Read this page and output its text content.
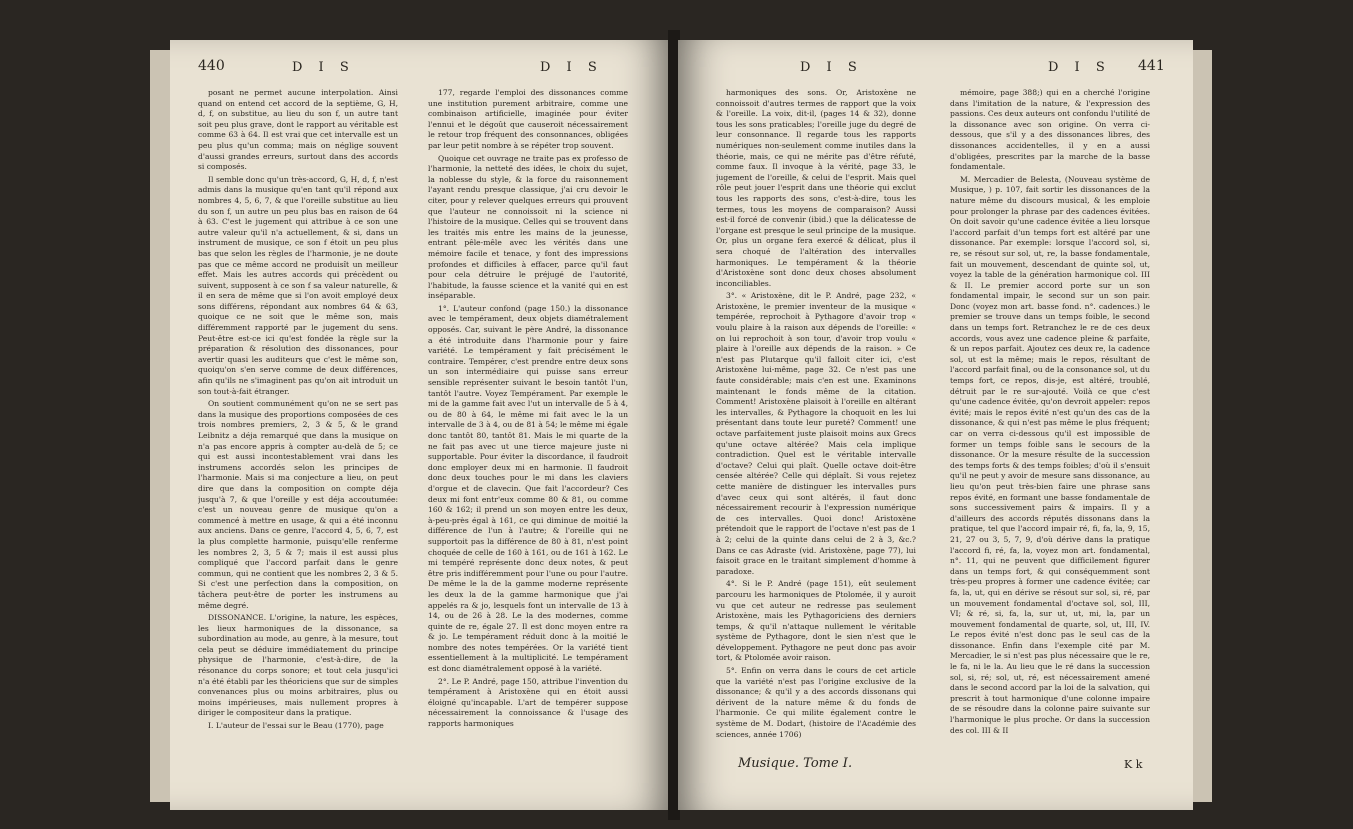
440	D I S	D I S

posant ne permet aucune interpolation. Ainsi quand on entend cet accord de la septième, G, H, d, f, on substitue, au lieu du son f, un autre tant soit peu plus grave, dont le rapport au véritable est comme 63 à 64. Il est vrai que cet intervalle est un peu plus qu'un comma; mais on néglige souvent d'aussi grandes erreurs, surtout dans des accords si composés.

Il semble donc qu'un très-accord, G, H, d, f, n'est admis dans la musique qu'en tant qu'il répond aux nombres 4, 5, 6, 7, & que l'oreille substitue au lieu du son f, un autre un peu plus bas en raison de 64 à 63. C'est le jugement qui attribue à ce son une autre valeur qu'il n'a actuellement, & si, dans un instrument de musique, ce son f étoit un peu plus bas que selon les règles de l'harmonie, je ne doute pas que ce même accord ne produisît un meilleur effet. Mais les autres accords qui précèdent ou suivent, supposent à ce son f sa valeur naturelle, & il en sera de même que si l'on avoit employé deux sons différens, répondant aux nombres 64 & 63, quoique ce ne soit que le même son, mais différemment rapporté par le jugement du sens. Peut-être est-ce ici qu'est fondée la règle sur la préparation & résolution des dissonances, pour avertir quasi les auditeurs que c'est le même son, quoiqu'on s'en serve comme de deux différences, afin qu'ils ne s'imaginent pas qu'on ait introduit un son tout-à-fait étranger.

On soutient communément qu'on ne se sert pas dans la musique des proportions composées de ces trois nombres premiers, 2, 3 & 5, & le grand Leibnitz a déja remarqué que dans la musique on n'a pas encore appris à compter au-delà de 5; ce qui est aussi incontestablement vrai dans les instrumens accordés selon les principes de l'harmonie. Mais si ma conjecture a lieu, on peut dire que dans la composition on compte déja jusqu'à 7, & que l'oreille y est déja accoutumée: c'est un nouveau genre de musique qu'on a commencé à mettre en usage, & qui a été inconnu aux anciens. Dans ce genre, l'accord 4, 5, 6, 7, est la plus complette harmonie, puisqu'elle renferme les nombres 2, 3, 5 & 7; mais il est aussi plus compliqué que l'accord parfait dans le genre commun, qui ne contient que les nombres 2, 3 & 5. Si c'est une perfection dans la composition, on tâchera peut-être de porter les instrumens au même degré.

DISSONANCE. L'origine, la nature, les espèces, les lieux harmoniques de la dissonance, sa subordination au mode, au genre, à la mesure, tout cela peut se déduire immédiatement du principe physique de l'harmonie, c'est-à-dire, de la résonance du corps sonore; et tout cela jusqu'ici n'a été établi par les théoriciens que sur de simples convenances plus ou moins arbitraires, plus ou moins impérieuses, mais nullement propres à diriger le compositeur dans la pratique.

I. L'auteur de l'essai sur le Beau (1770), page

177, regarde l'emploi des dissonances comme une institution purement arbitraire, comme une combinaison artificielle, imaginée pour éviter l'ennui et le dégoût que causeroit nécessairement le retour trop fréquent des consonnances, obligées par leur petit nombre à se répéter trop souvent.

Quoique cet ouvrage ne traite pas ex professo de l'harmonie, la netteté des idées, le choix du sujet, la noblesse du style, & la force du raisonnement l'ayant rendu presque classique, j'ai cru devoir le citer, pour y relever quelques erreurs qui prouvent que l'auteur ne connoissoit ni la science ni l'histoire de la musique. Celles qui se trouvent dans les traités mis entre les mains de la jeunesse, entrant pêle-mêle avec les vérités dans une mémoire facile et tenace, y font des impressions profondes et difficiles à effacer, parce qu'il faut pour cela détruire le préjugé de l'autorité, l'habitude, la fausse science et la vanité qui en est inséparable.

1°. L'auteur confond (page 150.) la dissonance avec le tempérament, deux objets diamétralement opposés. Car, suivant le père André, la dissonance a été introduite dans l'harmonie pour y faire variété. Le tempérament y fait précisément le contraire. Tempérer, c'est prendre entre deux sons un son intermédiaire qui puisse sans erreur sensible représenter suivant le besoin tantôt l'un, tantôt l'autre. Voyez Tempérament. Par exemple le mi de la gamme fait avec l'ut un intervalle de 5 à 4, ou de 80 à 64, le même mi fait avec le la un intervalle de 3 à 4, ou de 81 à 54; le même mi égale donc tantôt 80, tantôt 81. Mais le mi quarte de la ne fait pas avec ut une tierce majeure juste ni supportable. Pour éviter la discordance, il faudroit donc employer deux mi en harmonie. Il faudroit donc deux touches pour le mi dans les claviers d'orgue et de clavecin. Que fait l'accordeur? Ces deux mi font entr'eux comme 80 & 81, ou comme 160 & 162; il prend un son moyen entre les deux, à-peu-près égal à 161, ce qui diminue de moitié la différence de l'un à l'autre; & l'oreille qui ne supportoit pas la différence de 80 à 81, n'est point choquée de celle de 160 à 161, ou de 161 à 162. Le mi tempéré représente donc deux notes, & peut être pris indifféremment pour l'une ou pour l'autre. De même le la de la gamme moderne représente les deux la de la gamme harmonique que j'ai appelés ra & jo, lesquels font un intervalle de 13 à 14, ou de 26 à 28. Le la des modernes, comme quinte de re, égale 27. Il est donc moyen entre ra & jo. Le tempérament réduit donc à la moitié le nombre des notes tempérées. Or la variété tient essentiellement à la multiplicité. Le tempérament est donc diamétralement opposé à la variété.

2°. Le P. André, page 150, attribue l'invention du tempérament à Aristoxène qui en étoit aussi éloigné qu'incapable. L'art de tempérer suppose nécessairement la connoissance & l'usage des rapports harmoniques

D I S	D I S 441

harmoniques des sons. Or, Aristoxène ne connoissoit d'autres termes de rapport que la voix & l'oreille. La voix, dit-il, (pages 14 & 32), donne tous les sons praticables; l'oreille juge du degré de leur consonnance. Il regarde tous les rapports numériques non-seulement comme inutiles dans la théorie, mais, ce qui ne mérite pas d'être réfuté, comme faux. Il invoque à la vérité, page 33, le jugement de l'oreille, & celui de l'esprit. Mais quel rôle peut jouer l'esprit dans une théorie qui exclut tous les rapports des sons, c'est-à-dire, tous les termes, tous les moyens de comparaison? Aussi est-il forcé de convenir (ibid.) que la délicatesse de l'organe est presque le seul principe de la musique. Or, plus un organe fera exercé & délicat, plus il sera choqué de l'altération des intervalles harmoniques. Le tempérament & la théorie d'Aristoxène sont donc deux choses absolument inconciliables.

3°. « Aristoxène, dit le P. André, page 232, « Aristoxène, le premier inventeur de la musique « tempérée, reprochoit à Pythagore d'avoir trop « voulu plaire à la raison aux dépends de l'oreille: « on lui reprochoit à son tour, d'avoir trop voulu « plaire à l'oreille aux dépends de la raison. » Ce n'est pas Plutarque qu'il falloit citer ici, c'est Aristoxène lui-même, page 32. Ce n'est pas une faute considérable; mais c'en est une. Examinons maintenant le fonds même de la citation. Comment! Aristoxène plaisoit à l'oreille en altérant les intervalles, & Pythagore la choquoit en les lui présentant dans toute leur pureté? Comment! une octave parfaitement juste plaisoit moins aux Grecs qu'une octave altérée? Mais cela implique contradiction. Quel est le véritable intervalle d'octave? Celui qui plaît. Quelle octave doit-être censée altérée? Celle qui déplaît. Si vous rejetez cette manière de distinguer les intervalles purs d'avec ceux qui sont altérés, il faut donc nécessairement recourir à l'expression numérique de ces intervalles. Quoi donc! Aristoxène prétendoit que le rapport de l'octave n'est pas de 1 à 2; celui de la quinte dans celui de 2 à 3, &c.? Dans ce cas Adraste (vid. Aristoxène, page 77), lui faisoit grace en le traitant simplement d'homme à paradoxe.

4°. Si le P. André (page 151), eût seulement parcouru les harmoniques de Ptolomée, il y auroit vu que cet auteur ne redresse pas seulement Aristoxène, mais les Pythagoriciens des derniers temps, & qu'il n'attaque nullement le véritable système de Pythagore, dont le sien n'est que le développement. Pythagore ne peut donc pas avoir tort, & Ptolomée avoir raison.

5°. Enfin on verra dans le cours de cet article que la variété n'est pas l'origine exclusive de la dissonance; & qu'il y a des accords dissonans qui dérivent de la nature même & du fonds de l'harmonie. Ce qui milite également contre le système de M. Dodart, (histoire de l'Académie des sciences, année 1706)

mémoire, page 388;) qui en a cherché l'origine dans l'imitation de la nature, & l'expression des passions. Ces deux auteurs ont confondu l'utilité de la dissonance avec son origine. On verra ci-dessous, que s'il y a des dissonances libres, des dissonances accidentelles, il y en a aussi d'obligées, prescrites par la marche de la basse fondamentale.

M. Mercadier de Belesta, (Nouveau système de Musique, ) p. 107, fait sortir les dissonances de la nature même du discours musical, & les emploie pour prolonger la phrase par des cadences évitées. On doit savoir qu'une cadence évitée a lieu lorsque l'accord parfait d'un temps fort est altéré par une dissonance. Par exemple: lorsque l'accord sol, si, re, se résout sur sol, ut, re, la basse fondamentale, fait un mouvement, descendant de quinte sol, ut, voyez la table de la génération harmonique col. III & II. Le premier accord porte sur un son fondamental impair, le second sur un son pair. Donc (voyez mon art. basse fond. n°. cadences.) le premier se trouve dans un temps foible, le second dans un temps fort. Retranchez le re de ces deux accords, vous avez une cadence pleine & parfaite, & un repos parfait. Ajoutez ces deux re, la cadence sol, ut est la même; mais le repos, résultant de l'accord parfait final, ou de la consonance sol, ut du temps fort, ce repos, dis-je, est altéré, troublé, détruit par le re sur-ajouté. Voilà ce que c'est qu'une cadence évitée, qu'on devroit appeler: repos évité; mais le repos évité n'est qu'un des cas de la dissonance, & qui n'est pas même le plus fréquent; car on verra ci-dessous qu'il est impossible de former un temps foible sans le secours de la dissonance. Or la mesure résulte de la succession des temps forts & des temps foibles; d'où il s'ensuit qu'il ne peut y avoir de mesure sans dissonance, au lieu qu'on peut très-bien faire une phrase sans repos évité, en formant une basse fondamentale de sons successivement pairs & impairs. Il y a d'ailleurs des accords réputés dissonans dans la pratique, tel que l'accord impair ré, fi, fa, la, 9, 15, 21, 27 ou 3, 5, 7, 9, d'où dérive dans la pratique l'accord fi, ré, fa, la, voyez mon art. fondamental, n°. 11, qui ne peuvent que difficilement figurer dans un temps fort, & qui conséquemment sont très-peu propres à former une cadence évitée; car fa, la, ut, qui en dérive se résout sur sol, si, ré, par un mouvement fondamental d'octave sol, sol, III, VI; & ré, si, fa, la, sur ut, ut, mi, la, par un mouvement fondamental de quarte, sol, ut, III, IV. Le repos évité n'est donc pas le seul cas de la dissonance. Enfin dans l'exemple cité par M. Mercadier, le si n'est pas plus nécessaire que le re, le fa, ni le la. Au lieu que le ré dans la succession sol, si, ré; sol, ut, ré, est nécessairement amené dans le second accord par la loi de la salvation, qui prescrit à tout harmonique d'une colonne impaire de se résoudre dans la colonne paire suivante sur l'harmonique le plus proche. Or dans la succession des col. III & II

Musique. Tome I.	K k
